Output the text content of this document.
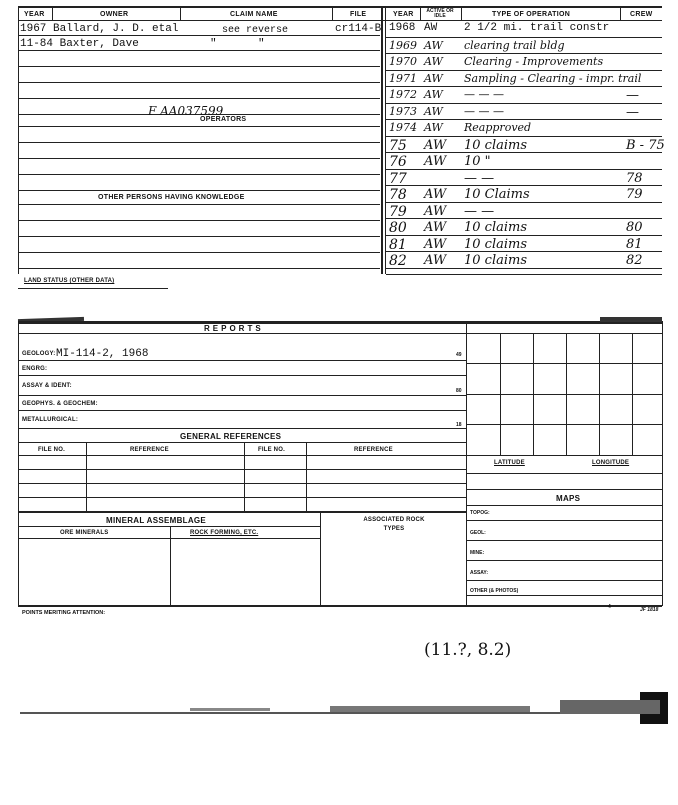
YEAR	OWNER	CLAIM NAME	FILE	YEAR	ACTIVE OR IDLE	TYPE OF OPERATION	CREW
1967 Ballard, J. D. etal	see reverse	cr114-B
11-84 Baxter, Dave	"	"
F AA037599
OPERATORS
OTHER PERSONS HAVING KNOWLEDGE
1968 AW 2 1/2 mi. trail constr
1969 AW clearing trail bldg
1970 AW Clearing - Improvements
1971 AW Sampling - Clearing - impr. trail
1972 AW — — —	—
1973 AW — — —	—
1974 AW Reapproved
75 AW 10 claims	B - 75
76 AW 10 "
77	— —	78
78 AW 10 Claims	79
79 AW — —
80 AW 10 claims	80
81 AW 10 claims	81
82 AW 10 claims	82
LAND STATUS (OTHER DATA)
REPORTS
GEOLOGY: MI-114-2, 1968	49
ENGRG:
ASSAY & IDENT:
80
GEOPHYS. & GEOCHEM:
METALLURGICAL:
18
GENERAL REFERENCES
FILE NO.	REFERENCE	FILE NO.	REFERENCE
LATITUDE	LONGITUDE
MAPS
TOPOG:
GEOL:
MINE:
ASSAY:
OTHER (& PHOTOS)
MINERAL ASSEMBLAGE	ASSOCIATED ROCK TYPES
ORE MINERALS	ROCK FORMING, ETC.
POINTS MERITING ATTENTION:
4	JF 1818
(11.?, 8.2)
